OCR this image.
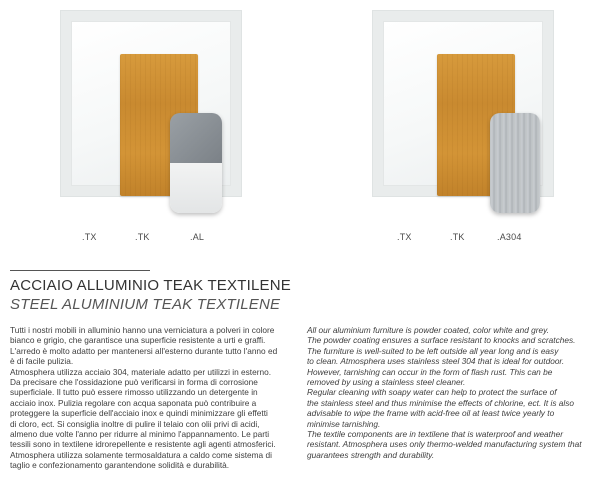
.TX	.TK	.AL	.TX	.TK	.A304
ACCIAIO ALLUMINIO TEAK TEXTILENE
STEEL ALUMINIUM TEAK TEXTILENE

Tutti i nostri mobili in alluminio hanno una verniciatura a polveri in colore

bianco e grigio, che garantisce una superficie resistente a urti e graffi.

L'arredo è molto adatto per mantenersi all'esterno durante tutto l'anno ed

è di facile pulizia.

Atmosphera utilizza acciaio 304, materiale adatto per utilizzi in esterno.

Da precisare che l'ossidazione può verificarsi in forma di corrosione

superficiale. Il tutto può essere rimosso utilizzando un detergente in

acciaio inox. Pulizia regolare con acqua saponata può contribuire a

proteggere la superficie dell'acciaio inox e quindi minimizzare gli effetti

di cloro, ect. Si consiglia inoltre di pulire il telaio con olii privi di acidi,

almeno due volte l'anno per ridurre al minimo l'appannamento. Le parti

tessili sono in textilene idrorepellente e resistente agli agenti atmosferici.

Atmosphera utilizza solamente termosaldatura a caldo come sistema di

taglio e confezionamento garantendone solidità e durabilità.

All our aluminium furniture is powder coated, color white and grey.

The powder coating ensures a surface resistant to knocks and scratches.

The furniture is well-suited to be left outside all year long and is easy

to clean. Atmosphera uses stainless steel 304 that is ideal for outdoor.

However, tarnishing can occur in the form of flash rust. This can be

removed by using a stainless steel cleaner.

Regular cleaning with soapy water can help to protect the surface of

the stainless steel and thus minimise the effects of chlorine, ect. It is also

advisable to wipe the frame with acid-free oil at least twice yearly to

minimise tarnishing.

The textile components are in textilene that is waterproof and weather

resistant. Atmosphera uses only thermo-welded manufacturing system that

guarantees strength and durability.
